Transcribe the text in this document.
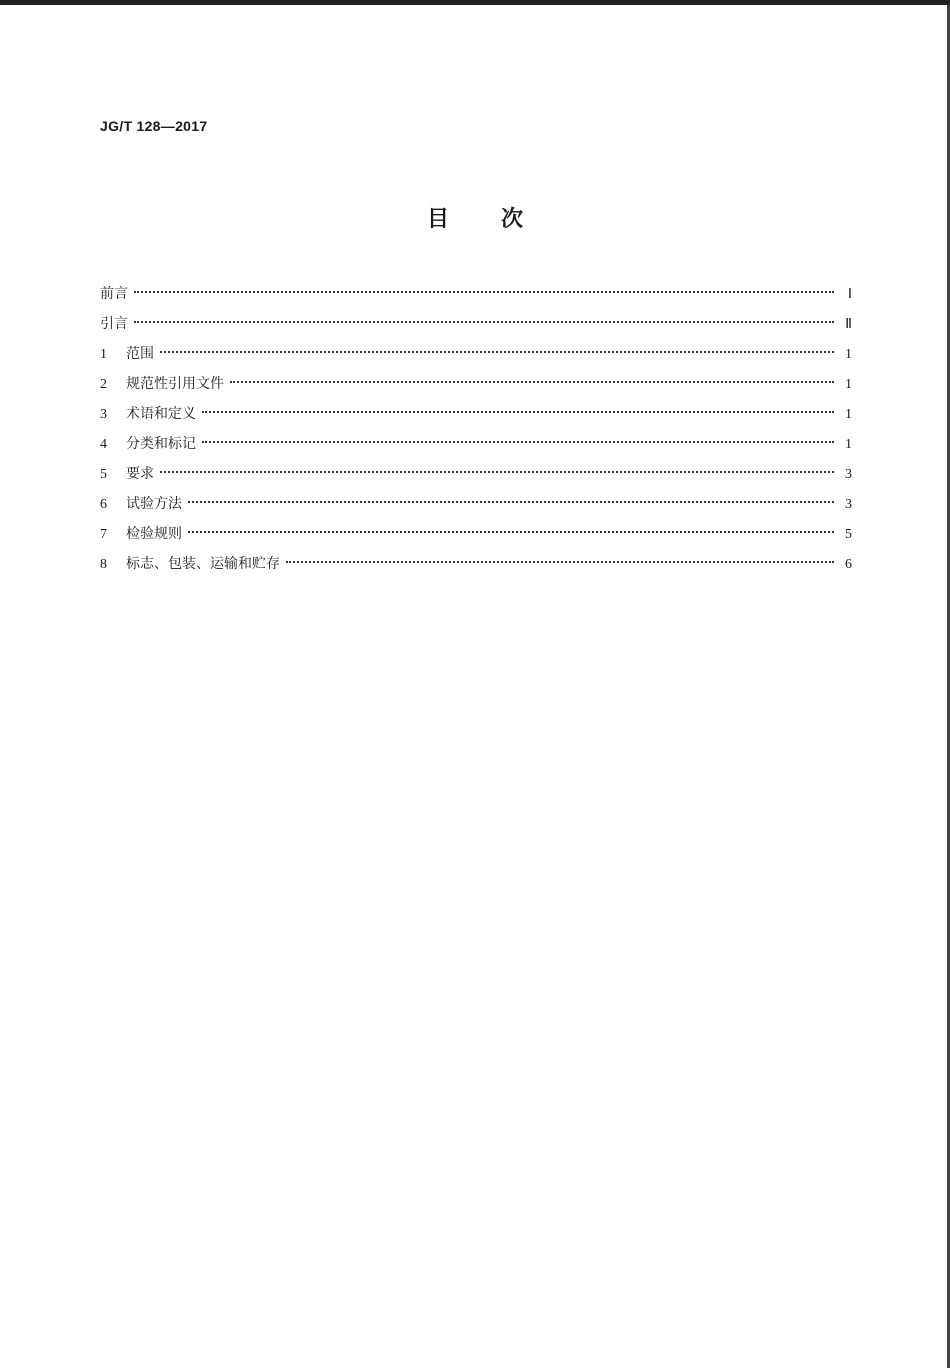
JG/T 128—2017
目次
前言	Ⅰ
引言	Ⅱ
1	范围	1
2	规范性引用文件	1
3	术语和定义	1
4	分类和标记	1
5	要求	3
6	试验方法	3
7	检验规则	5
8	标志、包装、运输和贮存	6
